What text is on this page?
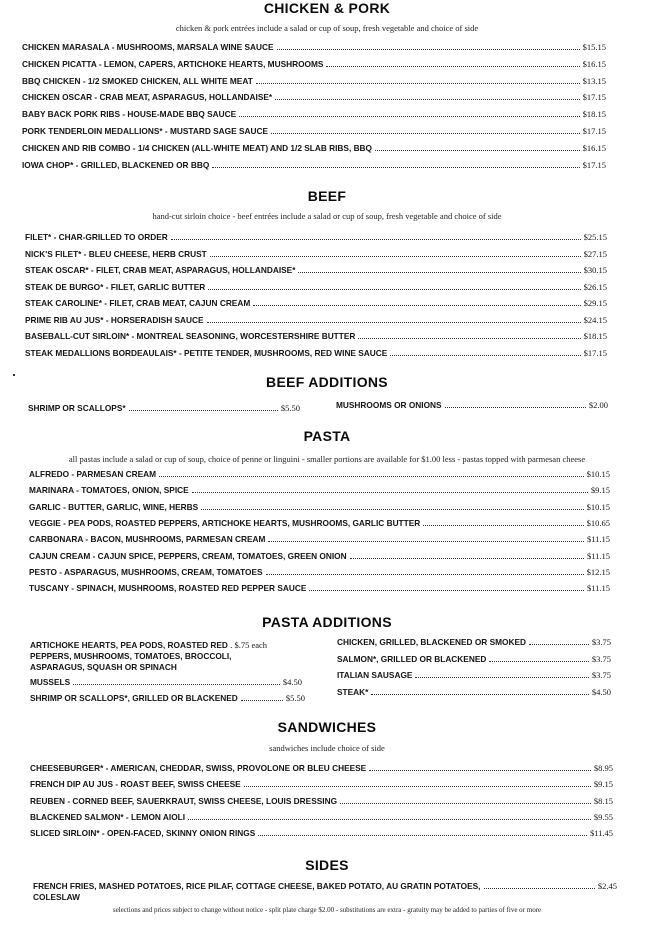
CHICKEN & PORK
chicken & pork entrées include a salad or cup of soup, fresh vegetable and choice of side
CHICKEN MARASALA - MUSHROOMS, MARSALA WINE SAUCE	$15.15
CHICKEN PICATTA - LEMON, CAPERS, ARTICHOKE HEARTS, MUSHROOMS	$16.15
BBQ CHICKEN - 1/2 SMOKED CHICKEN, ALL WHITE MEAT	$13.15
CHICKEN OSCAR - CRAB MEAT, ASPARAGUS, HOLLANDAISE*	$17.15
BABY BACK PORK RIBS - HOUSE-MADE BBQ SAUCE	$18.15
PORK TENDERLOIN MEDALLIONS* - MUSTARD SAGE SAUCE	$17.15
CHICKEN AND RIB COMBO - 1/4 CHICKEN (ALL-WHITE MEAT) AND 1/2 SLAB RIBS, BBQ	$16.15
IOWA CHOP* - GRILLED, BLACKENED OR BBQ	$17.15
BEEF
hand-cut sirloin choice - beef entrées include a salad or cup of soup, fresh vegetable and choice of side
FILET* - CHAR-GRILLED TO ORDER	$25.15
NICK'S FILET* - BLEU CHEESE, HERB CRUST	$27.15
STEAK OSCAR* - FILET, CRAB MEAT, ASPARAGUS, HOLLANDAISE*	$30.15
STEAK DE BURGO* - FILET, GARLIC BUTTER	$26.15
STEAK CAROLINE* - FILET, CRAB MEAT, CAJUN CREAM	$29.15
PRIME RIB AU JUS* - HORSERADISH SAUCE	$24.15
BASEBALL-CUT SIRLOIN* - MONTREAL SEASONING, WORCESTERSHIRE BUTTER	$18.15
STEAK MEDALLIONS BORDEAULAIS* - PETITE TENDER, MUSHROOMS, RED WINE SAUCE	$17.15
BEEF ADDITIONS
SHRIMP OR SCALLOPS*	$5.50	MUSHROOMS OR ONIONS	$2.00
PASTA
all pastas include a salad or cup of soup, choice of penne or linguini - smaller portions are available for $1.00 less - pastas topped with parmesan cheese
ALFREDO - PARMESAN CREAM	$10.15
MARINARA - TOMATOES, ONION, SPICE	$9.15
GARLIC - BUTTER, GARLIC, WINE, HERBS	$10.15
VEGGIE - PEA PODS, ROASTED PEPPERS, ARTICHOKE HEARTS, MUSHROOMS, GARLIC BUTTER	$10.65
CARBONARA - BACON, MUSHROOMS, PARMESAN CREAM	$11.15
CAJUN CREAM - CAJUN SPICE, PEPPERS, CREAM, TOMATOES, GREEN ONION	$11.15
PESTO - ASPARAGUS, MUSHROOMS, CREAM, TOMATOES	$12.15
TUSCANY - SPINACH, MUSHROOMS, ROASTED RED PEPPER SAUCE	$11.15
PASTA ADDITIONS
ARTICHOKE HEARTS, PEA PODS, ROASTED RED . $.75 each
PEPPERS, MUSHROOMS, TOMATOES, BROCCOLI,
ASPARAGUS, SQUASH OR SPINACH
MUSSELS	$4.50
SHRIMP OR SCALLOPS*, GRILLED OR BLACKENED	$5.50
CHICKEN, GRILLED, BLACKENED OR SMOKED	$3.75
SALMON*, GRILLED OR BLACKENED	$3.75
ITALIAN SAUSAGE	$3.75
STEAK*	$4.50
SANDWICHES
sandwiches include choice of side
CHEESEBURGER* - AMERICAN, CHEDDAR, SWISS, PROVOLONE OR BLEU CHEESE	$8.95
FRENCH DIP AU JUS - ROAST BEEF, SWISS CHEESE	$9.15
REUBEN - CORNED BEEF, SAUERKRAUT, SWISS CHEESE, LOUIS DRESSING	$8.15
BLACKENED SALMON* - LEMON AIOLI	$9.55
SLICED SIRLOIN* - OPEN-FACED, SKINNY ONION RINGS	$11.45
SIDES
FRENCH FRIES, MASHED POTATOES, RICE PILAF, COTTAGE CHEESE, BAKED POTATO, AU GRATIN POTATOES,	$2.45
COLESLAW
selections and prices subject to change without notice - split plate charge $2.00 - substitutions are extra - gratuity may be added to parties of five or more
